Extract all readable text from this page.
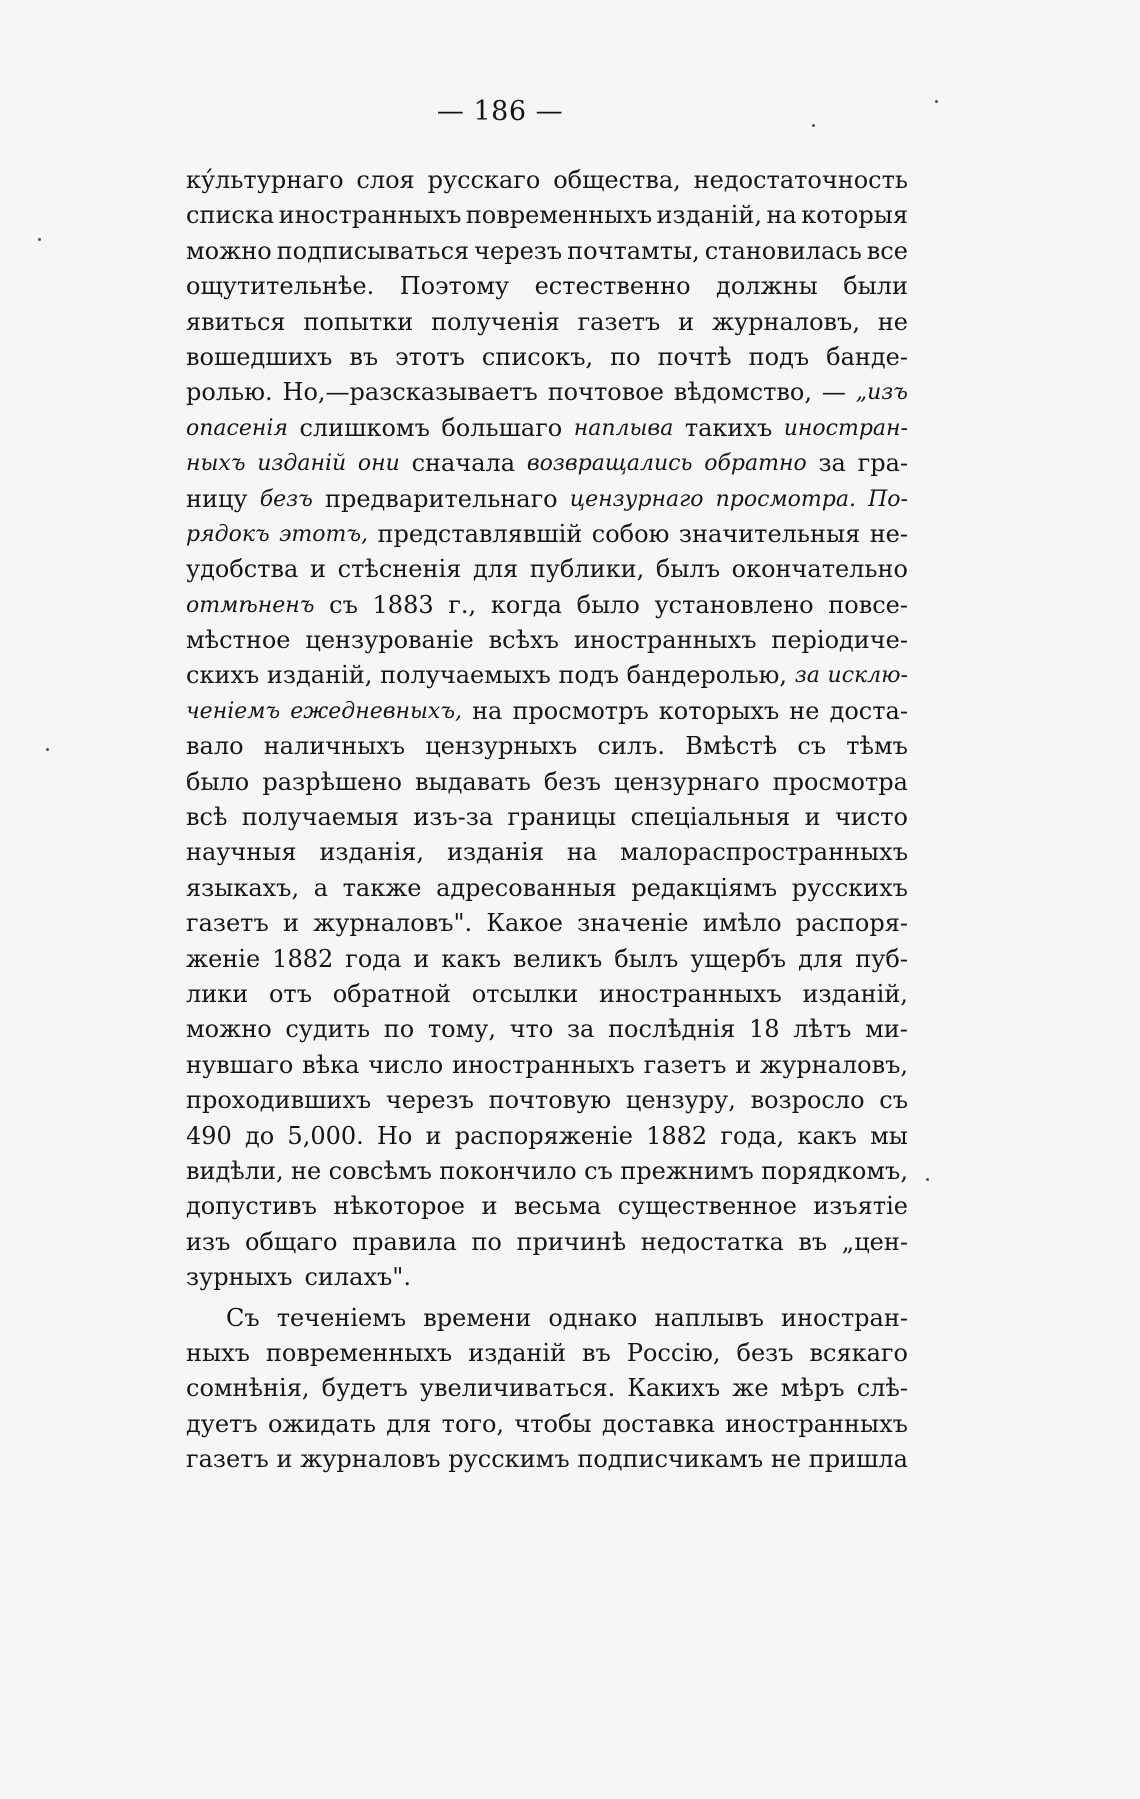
— 186 —
ку́льтурнаго слоя русскаго общества, недостаточность
списка иностранныхъ повременныхъ изданій, на которыя
можно подписываться черезъ почтамты, становилась все
ощутительнѣе. Поэтому естественно должны были
явиться попытки полученія газетъ и журналовъ, не
вошедшихъ въ этотъ списокъ, по почтѣ подъ банде-
ролью. Но,—разсказываетъ почтовое вѣдомство, — „изъ
опасенія слишкомъ большаго наплыва такихъ иностран-
ныхъ изданій они сначала возвращались обратно за гра-
ницу безъ предварительнаго цензурнаго просмотра. По-
рядокъ этотъ, представлявшій собою значительныя не-
удобства и стѣсненія для публики, былъ окончательно
отмѣненъ съ 1883 г., когда было установлено повсе-
мѣстное цензурованіе всѣхъ иностранныхъ періодиче-
скихъ изданій, получаемыхъ подъ бандеролью, за исклю-
ченіемъ ежедневныхъ, на просмотръ которыхъ не доста-
вало наличныхъ цензурныхъ силъ. Вмѣстѣ съ тѣмъ
было разрѣшено выдавать безъ цензурнаго просмотра
всѣ получаемыя изъ-за границы спеціальныя и чисто
научныя изданія, изданія на малораспространныхъ
языкахъ, а также адресованныя редакціямъ русскихъ
газетъ и журналовъ". Какое значеніе имѣло распоря-
женіе 1882 года и какъ великъ былъ ущербъ для пуб-
лики отъ обратной отсылки иностранныхъ изданій,
можно судить по тому, что за послѣднія 18 лѣтъ ми-
нувшаго вѣка число иностранныхъ газетъ и журналовъ,
проходившихъ черезъ почтовую цензуру, возросло съ
490 до 5,000. Но и распоряженіе 1882 года, какъ мы
видѣли, не совсѣмъ покончило съ прежнимъ порядкомъ,
допустивъ нѣкоторое и весьма существенное изъятіе
изъ общаго правила по причинѣ недостатка въ „цен-
зурныхъ силахъ".
Съ теченіемъ времени однако наплывъ иностран-
ныхъ повременныхъ изданій въ Россію, безъ всякаго
сомнѣнія, будетъ увеличиваться. Какихъ же мѣръ слѣ-
дуетъ ожидать для того, чтобы доставка иностранныхъ
газетъ и журналовъ русскимъ подписчикамъ не пришла
